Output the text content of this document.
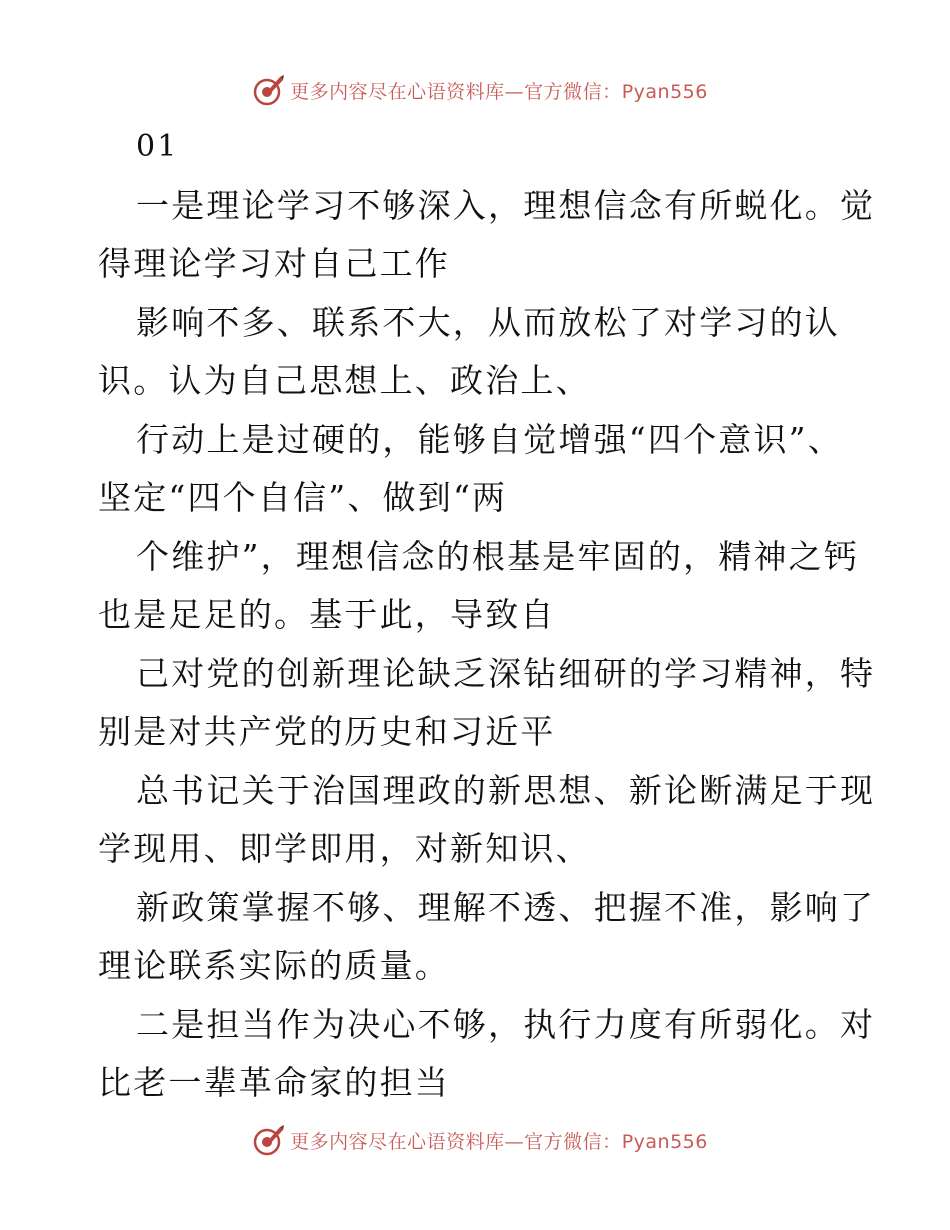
更多内容尽在心语资料库—官方微信：Pyan556

01

一是理论学习不够深入，理想信念有所蜕化。觉

得理论学习对自己工作

影响不多、联系不大，从而放松了对学习的认

识。认为自己思想上、政治上、

行动上是过硬的，能够自觉增强“四个意识”、

坚定“四个自信”、做到“两

个维护”，理想信念的根基是牢固的，精神之钙

也是足足的。基于此，导致自

己对党的创新理论缺乏深钻细研的学习精神，特

别是对共产党的历史和习近平

总书记关于治国理政的新思想、新论断满足于现

学现用、即学即用，对新知识、

新政策掌握不够、理解不透、把握不准，影响了

理论联系实际的质量。

二是担当作为决心不够，执行力度有所弱化。对

比老一辈革命家的担当

更多内容尽在心语资料库—官方微信：Pyan556
